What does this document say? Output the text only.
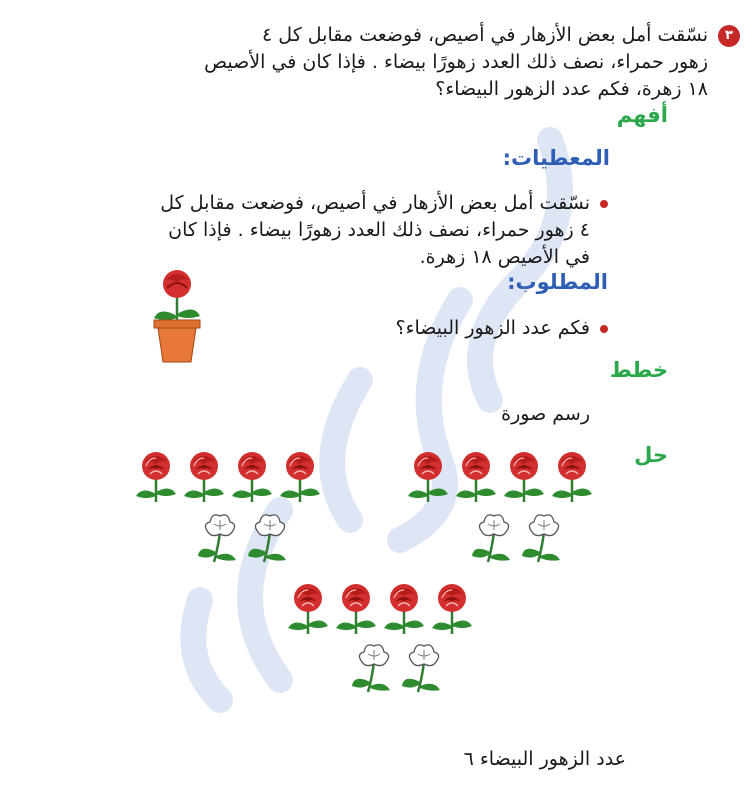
٣
نسّقت أمل بعض الأزهار في أصيص، فوضعت مقابل كل ٤
زهور حمراء، نصف ذلك العدد زهورًا بيضاء . فإذا كان في الأصيص
١٨ زهرة، فكم عدد الزهور البيضاء؟
أفهم
المعطيات:
نسّقت أمل بعض الأزهار في أصيص، فوضعت مقابل كل
٤ زهور حمراء، نصف ذلك العدد زهورًا بيضاء . فإذا كان
في الأصيص ١٨ زهرة.
المطلوب:
فكم عدد الزهور البيضاء؟
خطط
رسم صورة
حل
عدد الزهور البيضاء ٦
